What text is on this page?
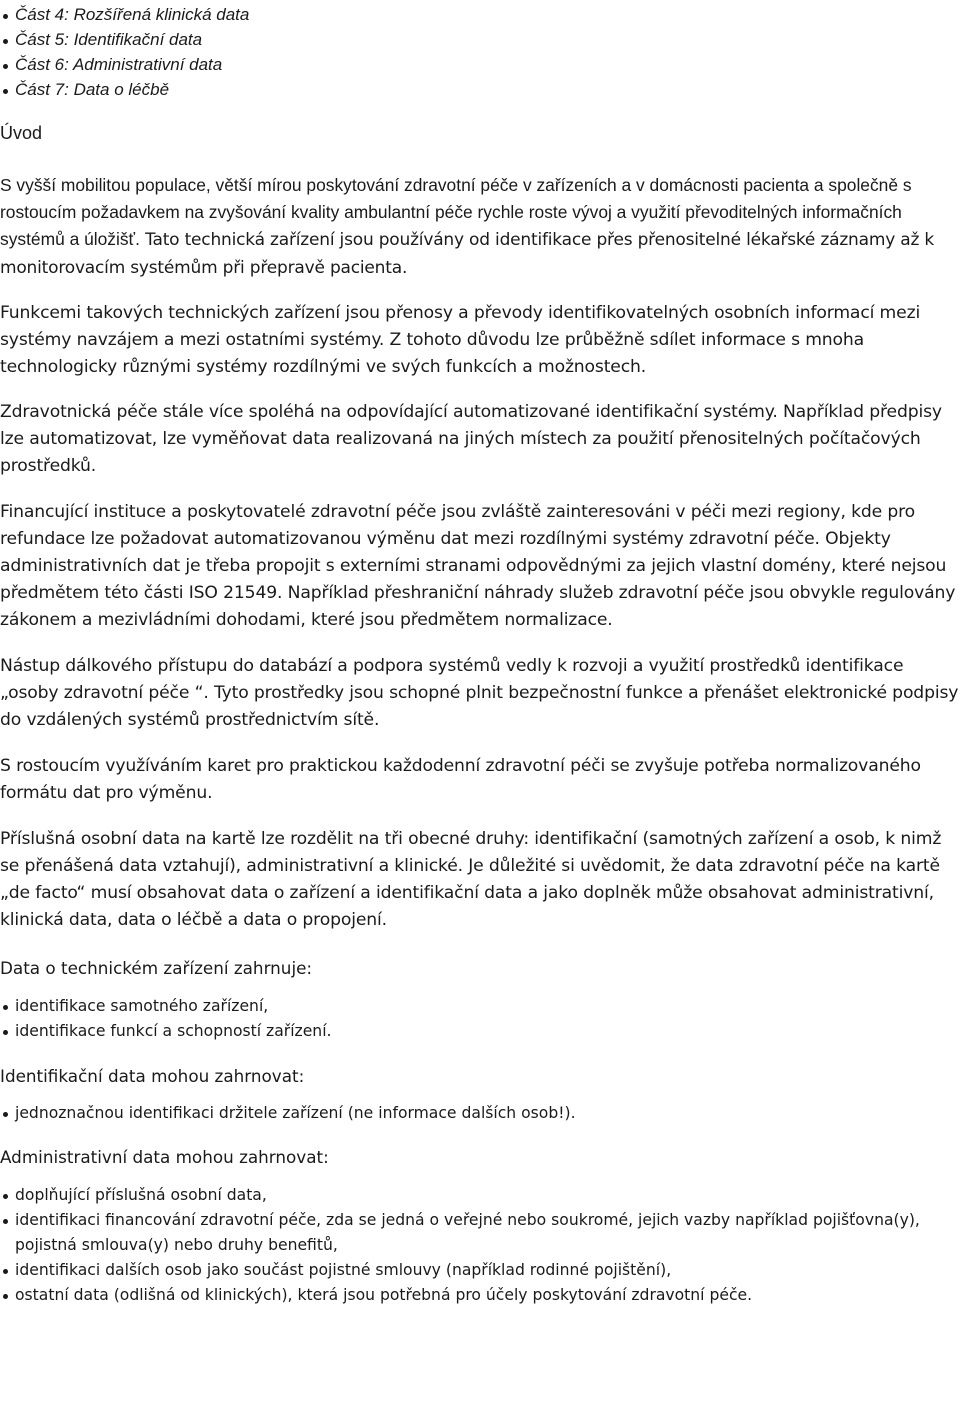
Část 4: Rozšířená klinická data
Část 5: Identifikační data
Část 6: Administrativní data
Část 7: Data o léčbě
Úvod

S vyšší mobilitou populace, větší mírou poskytování zdravotní péče v zařízeních a v domácnosti pacienta a společně s rostoucím požadavkem na zvyšování kvality ambulantní péče rychle roste vývoj a využití převoditelných informačních systémů a úložišť. Tato technická zařízení jsou používány od identifikace přes přenositelné lékařské záznamy až k monitorovacím systémům při přepravě pacienta.

Funkcemi takových technických zařízení jsou přenosy a převody identifikovatelných osobních informací mezi systémy navzájem a mezi ostatními systémy. Z tohoto důvodu lze průběžně sdílet informace s mnoha technologicky různými systémy rozdílnými ve svých funkcích a možnostech.

Zdravotnická péče stále více spoléhá na odpovídající automatizované identifikační systémy. Například předpisy lze automatizovat, lze vyměňovat data realizovaná na jiných místech za použití přenositelných počítačových prostředků.

Financující instituce a poskytovatelé zdravotní péče jsou zvláště zainteresováni v péči mezi regiony, kde pro refundace lze požadovat automatizovanou výměnu dat mezi rozdílnými systémy zdravotní péče. Objekty administrativních dat je třeba propojit s externími stranami odpovědnými za jejich vlastní domény, které nejsou předmětem této části ISO 21549. Například přeshraniční náhrady služeb zdravotní péče jsou obvykle regulovány zákonem a mezivládními dohodami, které jsou předmětem normalizace.

Nástup dálkového přístupu do databází a podpora systémů vedly k rozvoji a využití prostředků identifikace „osoby zdravotní péče “. Tyto prostředky jsou schopné plnit bezpečnostní funkce a přenášet elektronické podpisy do vzdálených systémů prostřednictvím sítě.

S rostoucím využíváním karet pro praktickou každodenní zdravotní péči se zvyšuje potřeba normalizovaného formátu dat pro výměnu.

Příslušná osobní data na kartě lze rozdělit na tři obecné druhy: identifikační (samotných zařízení a osob, k nimž se přenášená data vztahují), administrativní a klinické. Je důležité si uvědomit, že data zdravotní péče na kartě „de facto“ musí obsahovat data o zařízení a identifikační data a jako doplněk může obsahovat administrativní, klinická data, data o léčbě a data o propojení.

Data o technickém zařízení zahrnuje:
identifikace samotného zařízení,
identifikace funkcí a schopností zařízení.
Identifikační data mohou zahrnovat:
jednoznačnou identifikaci držitele zařízení (ne informace dalších osob!).
Administrativní data mohou zahrnovat:
doplňující příslušná osobní data,
identifikaci financování zdravotní péče, zda se jedná o veřejné nebo soukromé, jejich vazby například pojišťovna(y), pojistná smlouva(y) nebo druhy benefitů,
identifikaci dalších osob jako součást pojistné smlouvy (například rodinné pojištění),
ostatní data (odlišná od klinických), která jsou potřebná pro účely poskytování zdravotní péče.
